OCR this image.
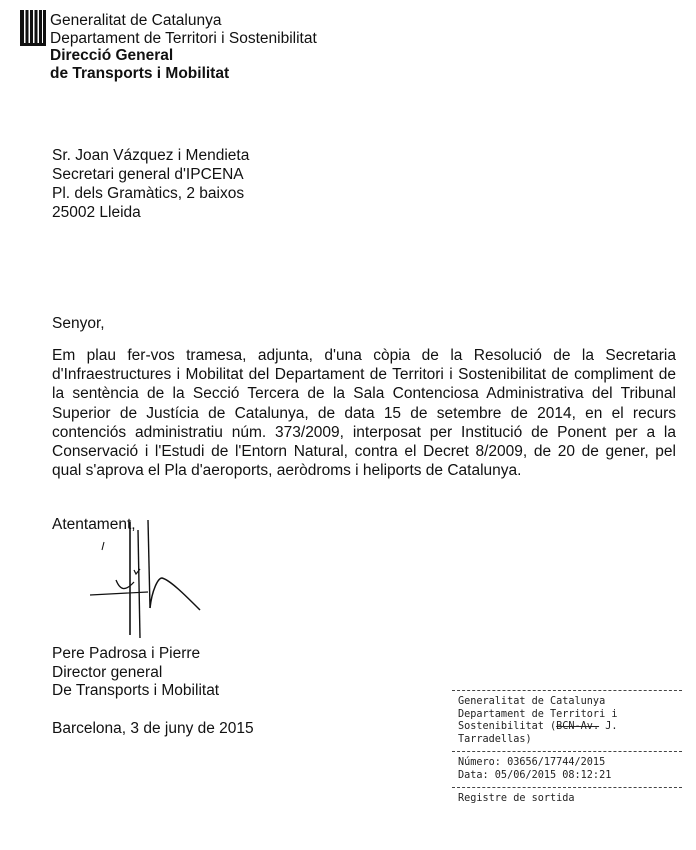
Generalitat de Catalunya
Departament de Territori i Sostenibilitat
Direcció General
de Transports i Mobilitat
Sr. Joan Vázquez i Mendieta
Secretari general d'IPCENA
Pl. dels Gramàtics, 2 baixos
25002 Lleida
Senyor,
Em plau fer-vos tramesa, adjunta, d'una còpia de la Resolució de la Secretaria d'Infraestructures i Mobilitat del Departament de Territori i Sostenibilitat de compliment de la sentència de la Secció Tercera de la Sala Contenciosa Administrativa del Tribunal Superior de Justícia de Catalunya, de data 15 de setembre de 2014, en el recurs contenciós administratiu núm. 373/2009, interposat per Institució de Ponent per a la Conservació i l'Estudi de l'Entorn Natural, contra el Decret 8/2009, de 20 de gener, pel qual s'aprova el Pla d'aeroports, aeròdroms i heliports de Catalunya.
Atentament,
Pere Padrosa i Pierre
Director general
De Transports i Mobilitat
Barcelona, 3 de juny de 2015
Generalitat de Catalunya
Departament de Territori i
Sostenibilitat (BCN-Av. J.
Tarradellas)
Número: 03656/17744/2015
Data: 05/06/2015 08:12:21
Registre de sortida
